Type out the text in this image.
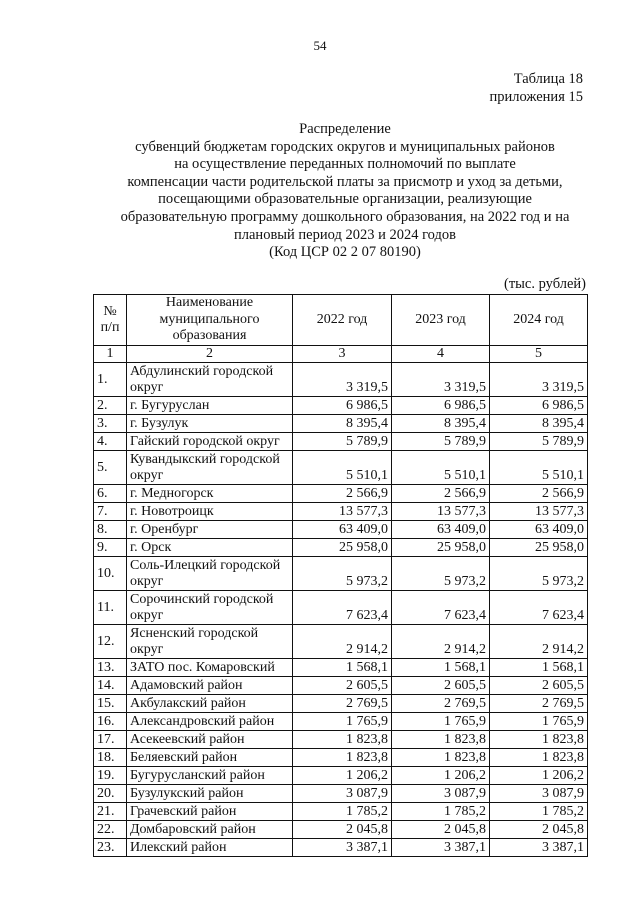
54
Таблица 18
приложения 15
Распределение
субвенций бюджетам городских округов и муниципальных районов
на осуществление переданных полномочий по выплате
компенсации части родительской платы за присмотр и уход за детьми,
посещающими образовательные организации, реализующие
образовательную программу дошкольного образования, на 2022 год и на
плановый период 2023 и 2024 годов
(Код ЦСР 02 2 07 80190)
(тыс. рублей)
№ п/п	Наименование муниципального образования	2022 год	2023 год	2024 год
1	2	3	4	5
1.	Абдулинский городской округ	3 319,5	3 319,5	3 319,5
2.	г. Бугуруслан	6 986,5	6 986,5	6 986,5
3.	г. Бузулук	8 395,4	8 395,4	8 395,4
4.	Гайский городской округ	5 789,9	5 789,9	5 789,9
5.	Кувандыкский городской округ	5 510,1	5 510,1	5 510,1
6.	г. Медногорск	2 566,9	2 566,9	2 566,9
7.	г. Новотроицк	13 577,3	13 577,3	13 577,3
8.	г. Оренбург	63 409,0	63 409,0	63 409,0
9.	г. Орск	25 958,0	25 958,0	25 958,0
10.	Соль-Илецкий городской округ	5 973,2	5 973,2	5 973,2
11.	Сорочинский городской округ	7 623,4	7 623,4	7 623,4
12.	Ясненский городской округ	2 914,2	2 914,2	2 914,2
13.	ЗАТО пос. Комаровский	1 568,1	1 568,1	1 568,1
14.	Адамовский район	2 605,5	2 605,5	2 605,5
15.	Акбулакский район	2 769,5	2 769,5	2 769,5
16.	Александровский район	1 765,9	1 765,9	1 765,9
17.	Асекеевский район	1 823,8	1 823,8	1 823,8
18.	Беляевский район	1 823,8	1 823,8	1 823,8
19.	Бугурусланский район	1 206,2	1 206,2	1 206,2
20.	Бузулукский район	3 087,9	3 087,9	3 087,9
21.	Грачевский район	1 785,2	1 785,2	1 785,2
22.	Домбаровский район	2 045,8	2 045,8	2 045,8
23.	Илекский район	3 387,1	3 387,1	3 387,1
